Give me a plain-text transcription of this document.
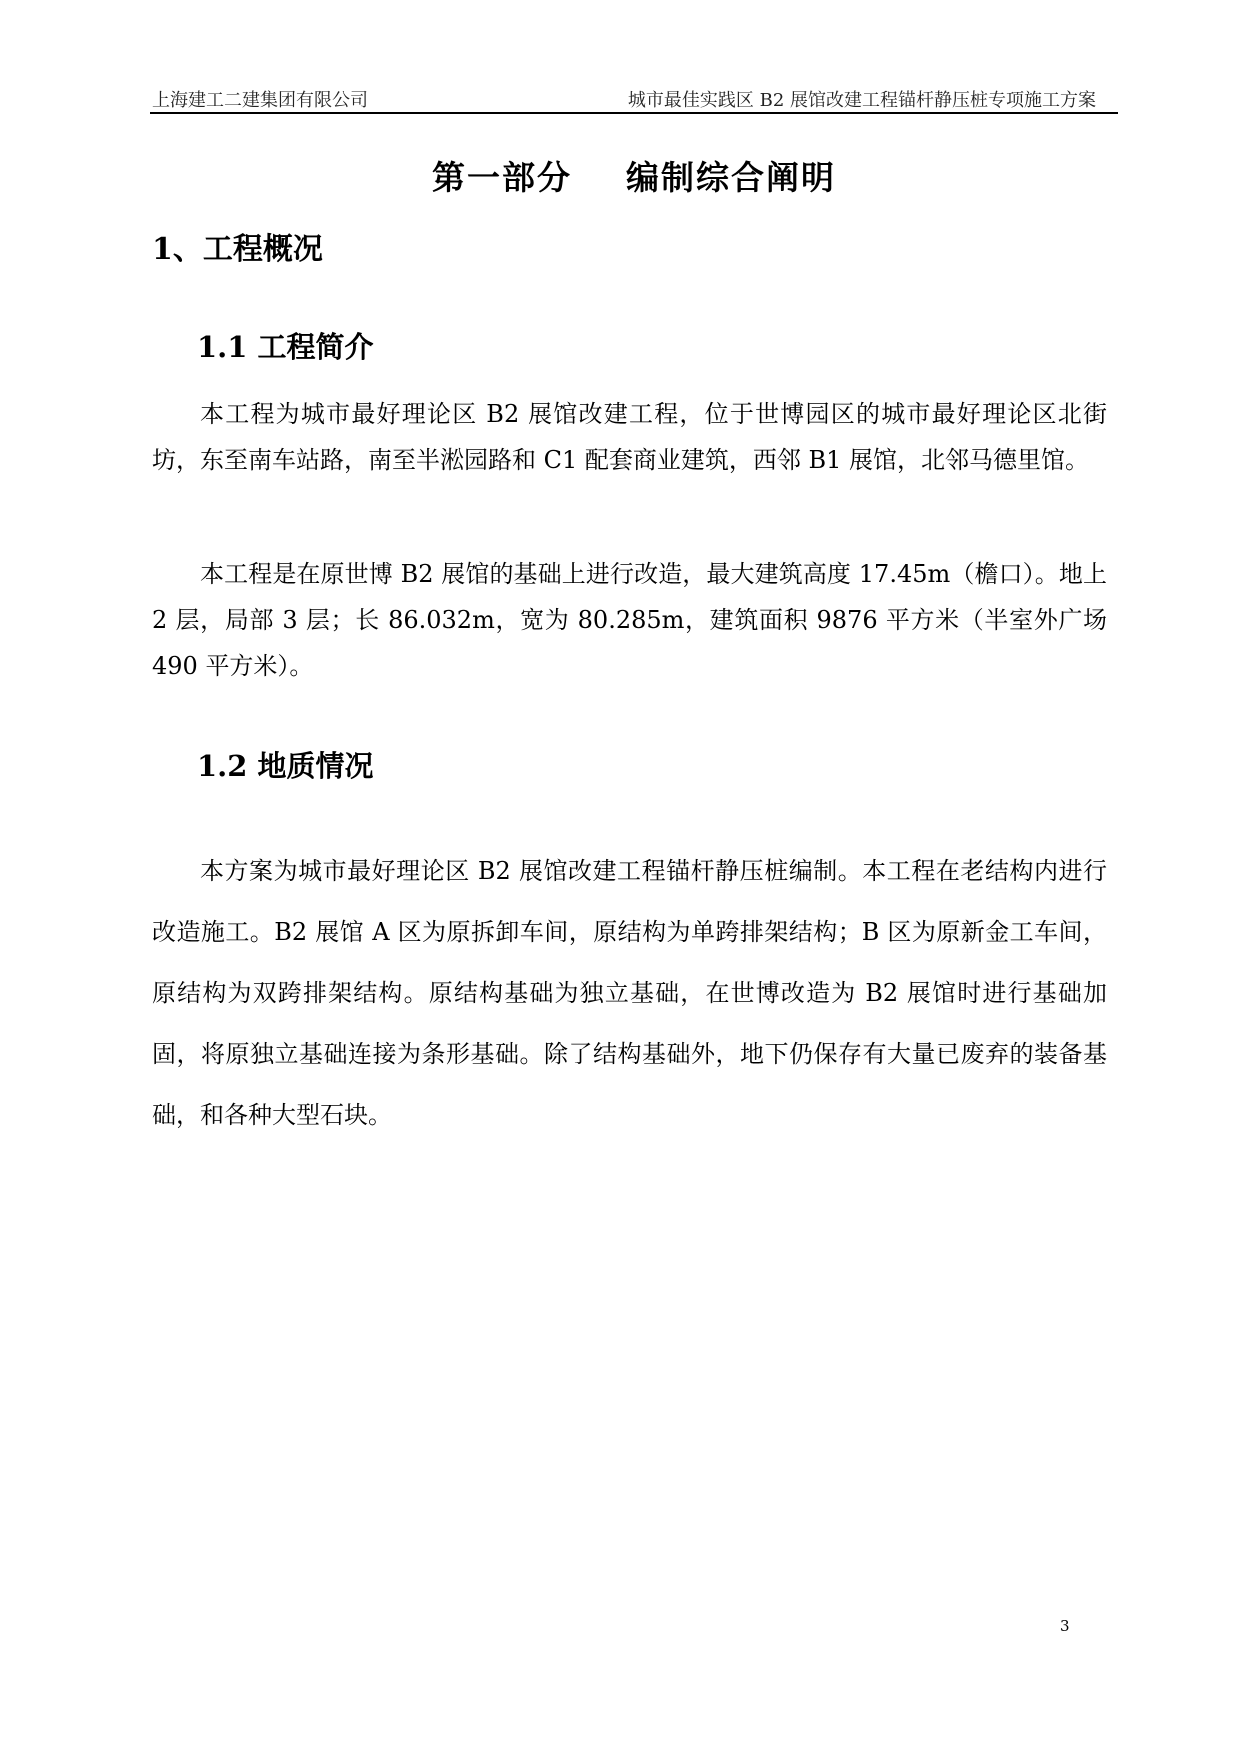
上海建工二建集团有限公司	城市最佳实践区 B2 展馆改建工程锚杆静压桩专项施工方案
第一部分    编制综合阐明
1、工程概况
1.1 工程简介

本工程为城市最好理论区 B2 展馆改建工程，位于世博园区的城市最好理论区北街坊，东至南车站路，南至半淞园路和 C1 配套商业建筑，西邻 B1 展馆，北邻马德里馆。

本工程是在原世博 B2 展馆的基础上进行改造，最大建筑高度 17.45m（檐口）。地上 2 层，局部 3 层；长 86.032m，宽为 80.285m，建筑面积 9876 平方米（半室外广场 490 平方米）。

1.2 地质情况

本方案为城市最好理论区 B2 展馆改建工程锚杆静压桩编制。本工程在老结构内进行改造施工。B2 展馆 A 区为原拆卸车间，原结构为单跨排架结构；B 区为原新金工车间，原结构为双跨排架结构。原结构基础为独立基础，在世博改造为 B2 展馆时进行基础加固，将原独立基础连接为条形基础。除了结构基础外，地下仍保存有大量已废弃的装备基础，和各种大型石块。

3
